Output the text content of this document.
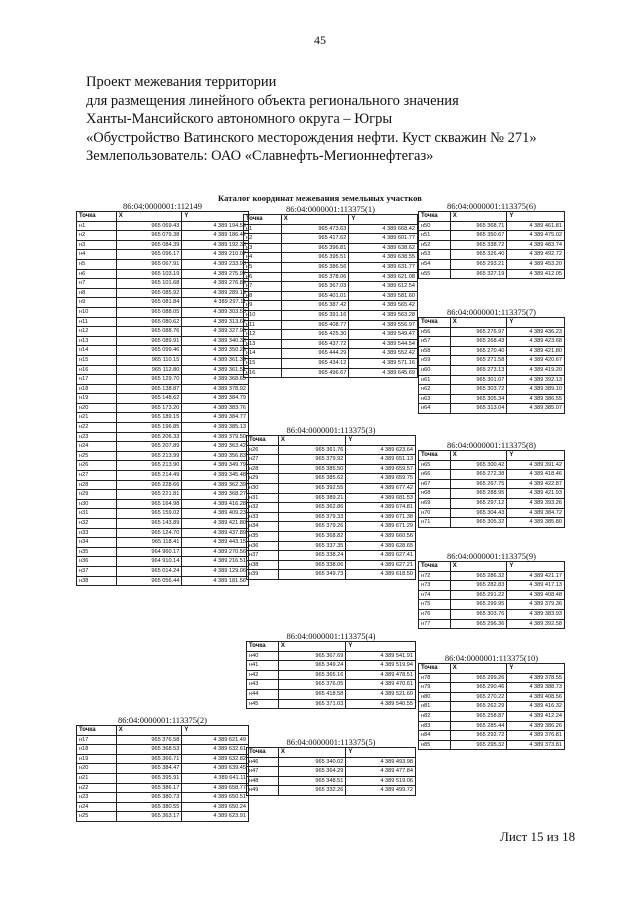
45
Проект межевания территории
для размещения линейного объекта регионального значения
Ханты-Мансийского автономного округа – Югры
«Обустройство Ватинского месторождения нефти. Куст скважин № 271»
Землепользователь: ОАО «Славнефть-Мегионнефтегаз»
Каталог координат межевания земельных участков
86:04:0000001:112149
Точка	X	Y
н1	965 069.43	4 389 194.59
н2	965 079.38	4 389 186.42
н3	965 084.39	4 389 192.33
н4	965 096.17	4 389 210.07
н5	965 067.91	4 389 233.93
н6	965 103.19	4 389 275.92
н7	965 101.68	4 389 276.89
н8	965 085.92	4 389 289.19
н9	965 081.84	4 389 297.11
н10	965 088.05	4 389 303.58
н11	965 080.62	4 389 313.62
н12	965 088.76	4 389 327.95
н13	965 089.91	4 389 340.33
н14	965 099.46	4 389 350.29
н15	965 110.15	4 389 361.39
н16	965 112.80	4 389 361.51
н17	965 129.70	4 389 368.65
н18	965 138.87	4 389 378.92
н19	965 148.62	4 389 384.79
н20	965 173.20	4 389 383.76
н21	965 189.15	4 389 384.77
н22	965 196.85	4 389 385.13
н23	965 206.33	4 389 379.50
н24	965 207.89	4 389 363.42
н25	965 213.99	4 389 356.83
н26	965 213.90	4 389 349.79
н27	965 214.49	4 389 345.48
н28	965 228.66	4 389 362.39
н29	965 221.81	4 389 368.27
н30	965 164.98	4 389 416.28
н31	965 159.02	4 389 409.23
н32	965 143.89	4 389 421.80
н33	965 124.70	4 389 437.89
н34	965 118.41	4 389 443.15
н35	964 960.17	4 389 270.56
н36	964 910.14	4 389 216.51
н37	965 014.24	4 389 129.06
н38	965 056.44	4 389 181.56
86:04:0000001:113375(1)
Точка	X	Y
н1	965 473.63	4 389 668.42
н2	965 417.62	4 389 601.77
н3	965 396.81	4 389 638.62
н4	965 395.51	4 389 638.55
н5	965 386.56	4 389 631.77
н6	965 378.06	4 389 621.08
н7	965 367.03	4 389 612.54
н8	965 401.01	4 389 581.60
н9	965 387.42	4 389 565.42
н10	965 391.16	4 389 563.28
н11	965 408.77	4 389 556.97
н12	965 425.30	4 389 549.47
н13	965 437.72	4 389 544.54
н14	965 444.29	4 389 552.42
н15	965 434.12	4 389 571.16
н16	965 496.67	4 389 645.69
86:04:0000001:113375(6)
Точка	X	Y
н50	965 368.71	4 389 461.81
н51	965 350.67	4 389 475.02
н52	965 338.72	4 389 483.74
н53	965 326.40	4 389 492.72
н54	965 293.21	4 389 453.20
н55	965 327.19	4 389 412.05
86:04:0000001:113375(7)
Точка	X	Y
н56	965 276.97	4 389 436.23
н57	965 268.43	4 389 423.68
н58	965 270.40	4 389 421.80
н59	965 271.58	4 389 420.67
н60	965 273.13	4 389 419.20
н61	965 301.07	4 389 392.13
н62	965 303.72	4 389 389.10
н63	965 305.34	4 389 386.55
н64	965 313.04	4 389 385.07
86:04:0000001:113375(3)
Точка	X	Y
н26	965 361.76	4 389 623.64
н27	965 379.92	4 389 651.13
н28	965 385.50	4 389 659.57
н29	965 385.62	4 389 659.75
н30	965 392.55	4 389 677.42
н31	965 389.21	4 389 681.53
н32	965 362.86	4 389 674.81
н33	965 379.33	4 389 671.38
н34	965 379.26	4 389 671.29
н35	965 368.82	4 389 660.56
н36	965 337.35	4 389 628.65
н37	965 338.24	4 389 627.41
н38	965 338.06	4 389 627.21
н39	965 349.73	4 389 618.50
86:04:0000001:113375(8)
Точка	X	Y
н65	965 300.42	4 389 391.42
н66	965 272.38	4 389 418.46
н67	965 267.75	4 389 422.87
н68	965 288.95	4 389 421.93
н69	965 297.12	4 389 393.26
н70	965 304.43	4 389 384.72
н71	965 305.32	4 389 385.80
86:04:0000001:113375(9)
Точка	X	Y
н72	965 286.32	4 389 421.17
н73	965 282.83	4 389 417.13
н74	965 291.22	4 389 408.48
н75	965 299.95	4 389 379.36
н76	965 303.76	4 389 383.93
н77	965 296.36	4 389 392.58
86:04:0000001:113375(4)
Точка	X	Y
н40	965 367.69	4 389 541.91
н41	965 349.24	4 389 519.94
н42	965 365.16	4 389 478.51
н43	965 376.05	4 389 470.61
н44	965 418.58	4 389 521.60
н45	965 371.03	4 389 540.55
86:04:0000001:113375(10)
Точка	X	Y
н78	965 299.26	4 389 378.55
н79	965 290.46	4 389 388.73
н80	965 270.22	4 389 408.56
н81	965 262.29	4 389 416.32
н82	965 258.87	4 389 412.24
н83	965 285.44	4 389 386.26
н84	965 292.72	4 389 376.81
н85	965 295.32	4 389 373.81
86:04:0000001:113375(2)
Точка	X	Y
н17	965 376.58	4 389 621.49
н18	965 368.53	4 389 632.61
н19	965 366.71	4 389 632.82
н20	965 384.47	4 389 639.45
н21	965 395.91	4 389 641.11
н22	965 386.17	4 389 658.77
н23	965 380.73	4 389 650.51
н24	965 380.55	4 389 650.24
н25	965 363.17	4 389 623.91
86:04:0000001:113375(5)
Точка	X	Y
н46	965 340.02	4 389 493.98
н47	965 364.29	4 389 477.84
н48	965 348.51	4 389 519.06
н49	965 332.26	4 389 499.72
Лист 15 из 18
